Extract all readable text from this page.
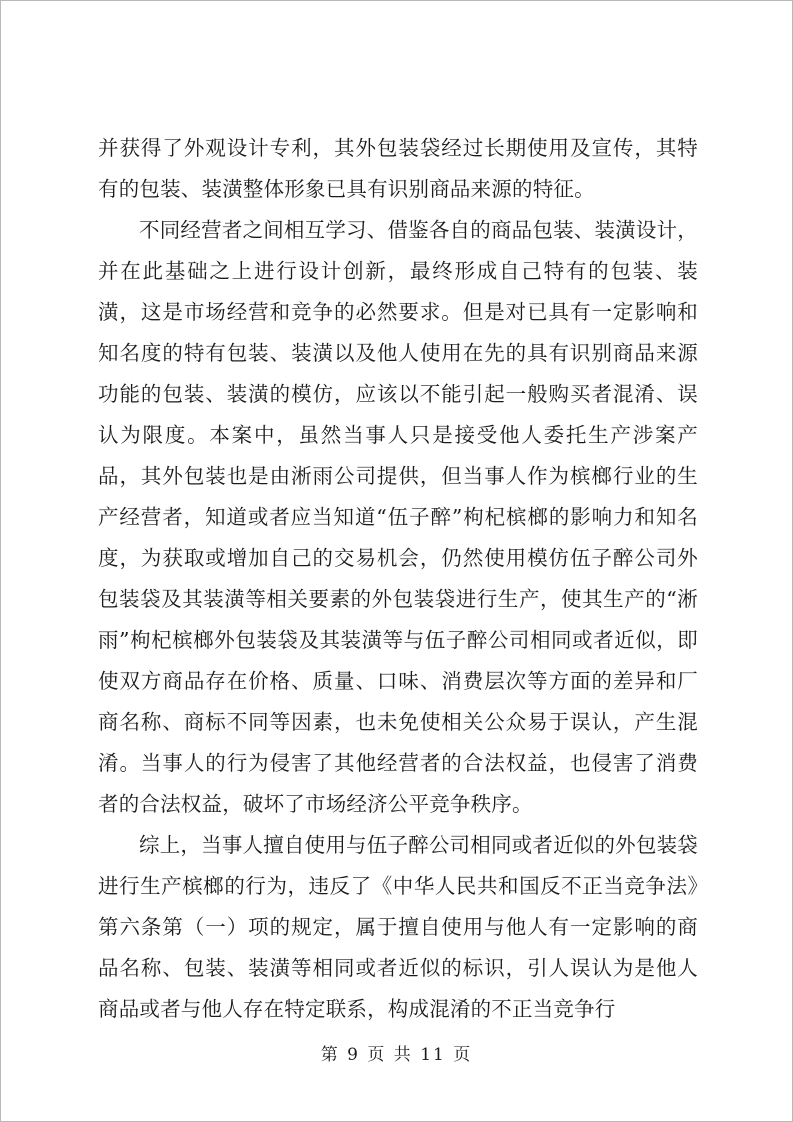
并获得了外观设计专利，其外包装袋经过长期使用及宣传，其特有的包装、装潢整体形象已具有识别商品来源的特征。

不同经营者之间相互学习、借鉴各自的商品包装、装潢设计，并在此基础之上进行设计创新，最终形成自己特有的包装、装潢，这是市场经营和竞争的必然要求。但是对已具有一定影响和知名度的特有包装、装潢以及他人使用在先的具有识别商品来源功能的包装、装潢的模仿，应该以不能引起一般购买者混淆、误认为限度。本案中，虽然当事人只是接受他人委托生产涉案产品，其外包装也是由淅雨公司提供，但当事人作为槟榔行业的生产经营者，知道或者应当知道“伍子醉”枸杞槟榔的影响力和知名度，为获取或增加自己的交易机会，仍然使用模仿伍子醉公司外包装袋及其装潢等相关要素的外包装袋进行生产，使其生产的“淅雨”枸杞槟榔外包装袋及其装潢等与伍子醉公司相同或者近似，即使双方商品存在价格、质量、口味、消费层次等方面的差异和厂商名称、商标不同等因素，也未免使相关公众易于误认，产生混淆。当事人的行为侵害了其他经营者的合法权益，也侵害了消费者的合法权益，破坏了市场经济公平竞争秩序。

综上，当事人擅自使用与伍子醉公司相同或者近似的外包装袋进行生产槟榔的行为，违反了《中华人民共和国反不正当竞争法》第六条第（一）项的规定，属于擅自使用与他人有一定影响的商品名称、包装、装潢等相同或者近似的标识，引人误认为是他人商品或者与他人存在特定联系，构成混淆的不正当竞争行

第 9 页 共 11 页
